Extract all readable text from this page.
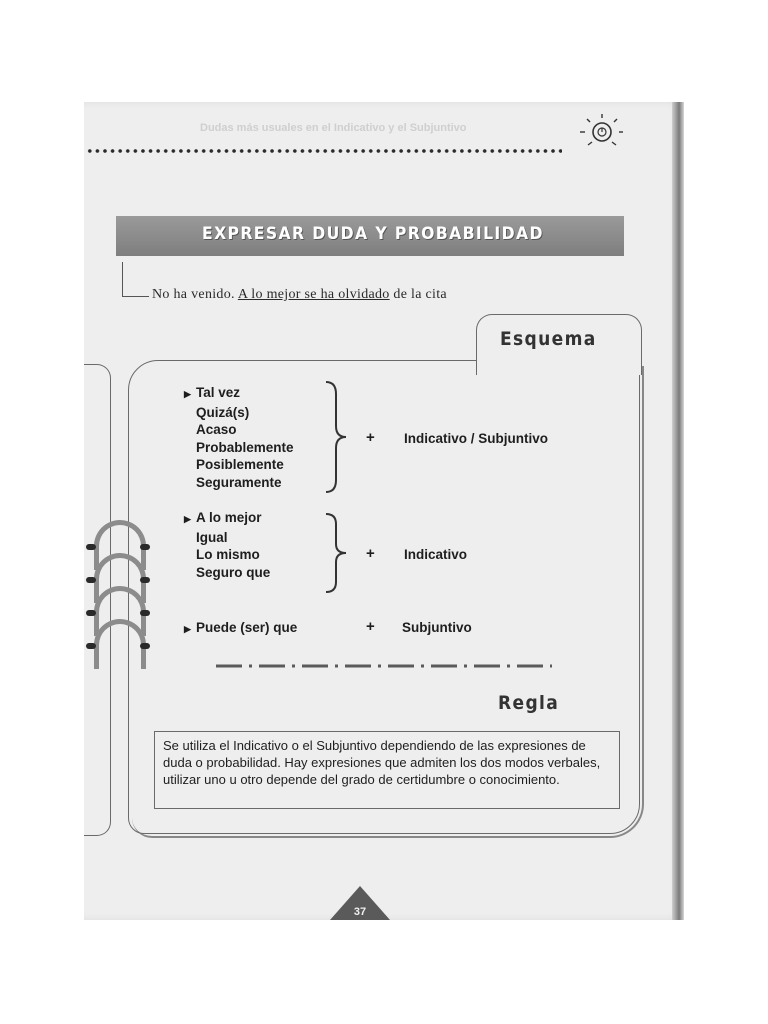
Dudas más usuales en el Indicativo y el Subjuntivo
EXPRESAR DUDA Y PROBABILIDAD
No ha venido. A lo mejor se ha olvidado de la cita
Esquema
▶ Tal vez
Quizá(s)
Acaso
Probablemente
Posiblemente
Seguramente
+ Indicativo / Subjuntivo
▶ A lo mejor
Igual
Lo mismo
Seguro que
+ Indicativo
▶ Puede (ser) que	+ Subjuntivo
Regla
Se utiliza el Indicativo o el Subjuntivo dependiendo de las expresiones de duda o probabilidad. Hay expresiones que admiten los dos modos verbales, utilizar uno u otro depende del grado de certidumbre o conocimiento.
37
